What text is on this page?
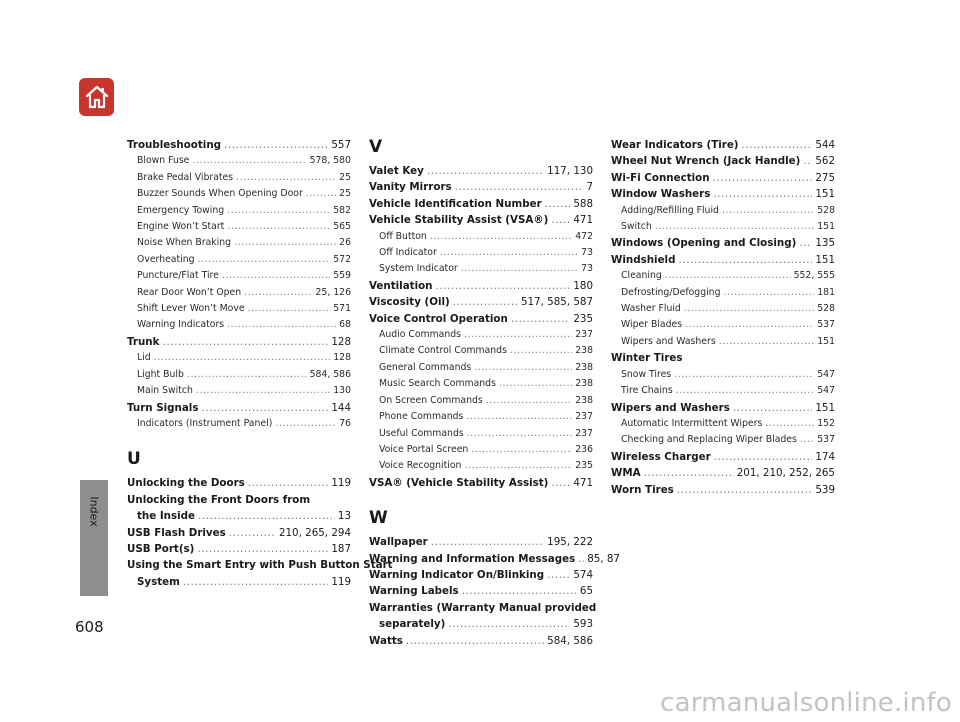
Index
Troubleshooting .....	557
Blown Fuse .....	578, 580
Brake Pedal Vibrates .....	25
Buzzer Sounds When Opening Door .....	25
Emergency Towing .....	582
Engine Won’t Start .....	565
Noise When Braking .....	26
Overheating .....	572
Puncture/Flat Tire .....	559
Rear Door Won’t Open .....	25, 126
Shift Lever Won’t Move .....	571
Warning Indicators .....	68
Trunk .....	128
Lid .....	128
Light Bulb .....	584, 586
Main Switch .....	130
Turn Signals .....	144
Indicators (Instrument Panel) .....	76
U
Unlocking the Doors .....	119
Unlocking the Front Doors from
the Inside .....	13
USB Flash Drives .....	210, 265, 294
USB Port(s) .....	187
Using the Smart Entry with Push Button Start
System .....	119
V
Valet Key .....	117, 130
Vanity Mirrors .....	7
Vehicle Identification Number .....	588
Vehicle Stability Assist (VSA®) ..... 471
Off Button .....	472
Off Indicator .....	73
System Indicator .....	73
Ventilation .....	180
Viscosity (Oil) .....	517, 585, 587
Voice Control Operation .....	235
Audio Commands .....	237
Climate Control Commands .....	238
General Commands .....	238
Music Search Commands .....	238
On Screen Commands .....	238
Phone Commands .....	237
Useful Commands .....	237
Voice Portal Screen .....	236
Voice Recognition .....	235
VSA® (Vehicle Stability Assist) ..... 471
W
Wallpaper .....	195, 222
Warning and Information Messages ..... 85, 87
Warning Indicator On/Blinking .....	574
Warning Labels .....	65
Warranties (Warranty Manual provided
separately) .....	593
Watts .....	584, 586
Wear Indicators (Tire) .....	544
Wheel Nut Wrench (Jack Handle) ..... 562
Wi-Fi Connection .....	275
Window Washers .....	151
Adding/Refilling Fluid .....	528
Switch .....	151
Windows (Opening and Closing) ..... 135
Windshield .....	151
Cleaning .....	552, 555
Defrosting/Defogging .....	181
Washer Fluid .....	528
Wiper Blades .....	537
Wipers and Washers .....	151
Winter Tires
Snow Tires .....	547
Tire Chains .....	547
Wipers and Washers .....	151
Automatic Intermittent Wipers .....	152
Checking and Replacing Wiper Blades ..... 537
Wireless Charger .....	174
WMA .....	201, 210, 252, 265
Worn Tires .....	539
608
carmanualsonline.info
